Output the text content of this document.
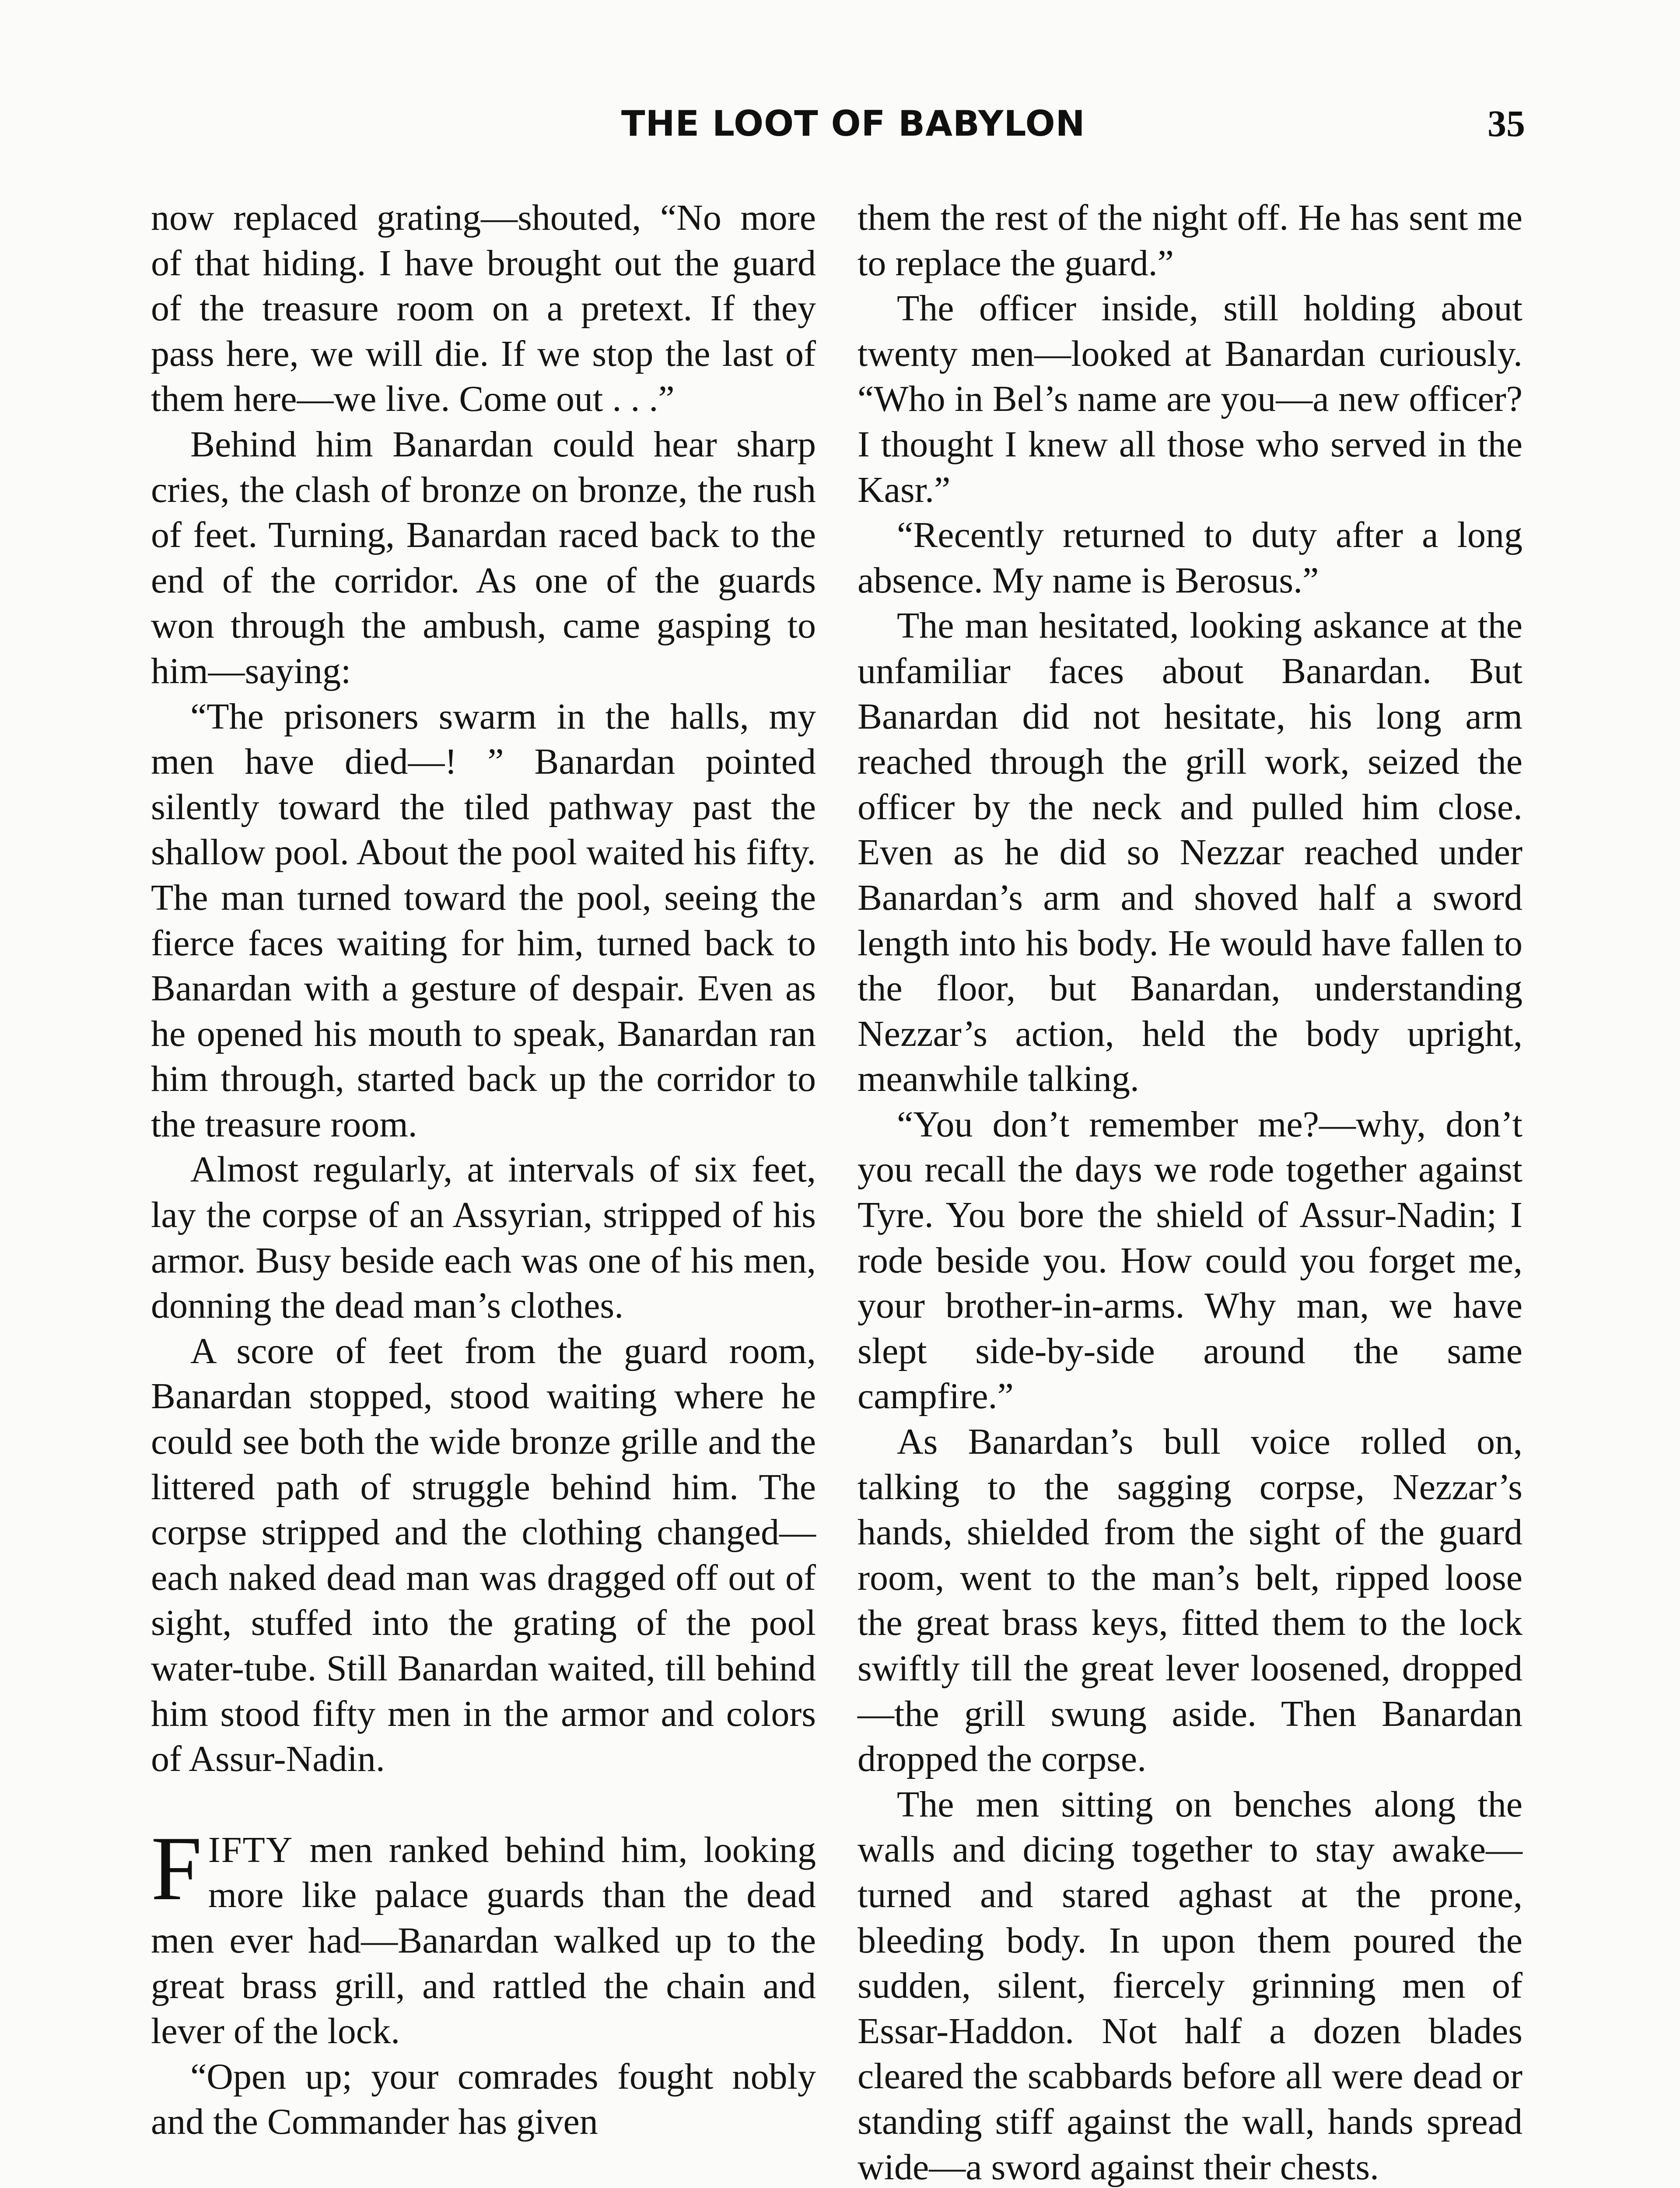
THE LOOT OF BABYLON	35

now replaced grating—shouted, “No more of that hiding. I have brought out the guard of the treasure room on a pretext. If they pass here, we will die. If we stop the last of them here—we live. Come out . . .”

Behind him Banardan could hear sharp cries, the clash of bronze on bronze, the rush of feet. Turning, Banardan raced back to the end of the corridor. As one of the guards won through the ambush, came gasping to him—saying:

“The prisoners swarm in the halls, my men have died—! ” Banardan pointed silently toward the tiled pathway past the shallow pool. About the pool waited his fifty. The man turned toward the pool, seeing the fierce faces waiting for him, turned back to Banardan with a gesture of despair. Even as he opened his mouth to speak, Banardan ran him through, started back up the corridor to the treasure room.

Almost regularly, at intervals of six feet, lay the corpse of an Assyrian, stripped of his armor. Busy beside each was one of his men, donning the dead man’s clothes.

A score of feet from the guard room, Banardan stopped, stood waiting where he could see both the wide bronze grille and the littered path of struggle behind him. The corpse stripped and the clothing changed—each naked dead man was dragged off out of sight, stuffed into the grating of the pool water-tube. Still Banardan waited, till behind him stood fifty men in the armor and colors of Assur-Nadin.

FIFTY men ranked behind him, looking more like palace guards than the dead men ever had—Banardan walked up to the great brass grill, and rattled the chain and lever of the lock.

“Open up; your comrades fought nobly and the Commander has given

them the rest of the night off. He has sent me to replace the guard.”

The officer inside, still holding about twenty men—looked at Banardan curiously. “Who in Bel’s name are you—a new officer? I thought I knew all those who served in the Kasr.”

“Recently returned to duty after a long absence. My name is Berosus.”

The man hesitated, looking askance at the unfamiliar faces about Banardan. But Banardan did not hesitate, his long arm reached through the grill work, seized the officer by the neck and pulled him close. Even as he did so Nezzar reached under Banardan’s arm and shoved half a sword length into his body. He would have fallen to the floor, but Banardan, understanding Nezzar’s action, held the body upright, meanwhile talking.

“You don’t remember me?—why, don’t you recall the days we rode together against Tyre. You bore the shield of Assur-Nadin; I rode beside you. How could you forget me, your brother-in-arms. Why man, we have slept side-by-side around the same campfire.”

As Banardan’s bull voice rolled on, talking to the sagging corpse, Nezzar’s hands, shielded from the sight of the guard room, went to the man’s belt, ripped loose the great brass keys, fitted them to the lock swiftly till the great lever loosened, dropped—the grill swung aside. Then Banardan dropped the corpse.

The men sitting on benches along the walls and dicing together to stay awake—turned and stared aghast at the prone, bleeding body. In upon them poured the sudden, silent, fiercely grinning men of Essar-Haddon. Not half a dozen blades cleared the scabbards before all were dead or standing stiff against the wall, hands spread wide—a sword against their chests.
